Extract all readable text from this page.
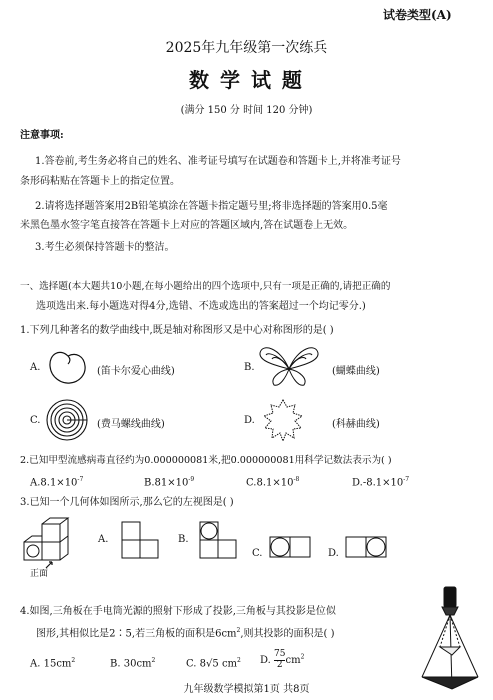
试卷类型(A)
2025年九年级第一次练兵
数 学 试 题
(满分 150 分 时间 120 分钟)
注意事项:
1.答卷前,考生务必将自己的姓名、准考证号填写在试题卷和答题卡上,并将准考证号
条形码粘贴在答题卡上的指定位置。
2.请将选择题答案用2B铅笔填涂在答题卡指定题号里;将非选择题的答案用0.5毫
米黑色墨水签字笔直接答在答题卡上对应的答题区域内,答在试题卷上无效。
3.考生必须保持答题卡的整洁。
一、选择题(本大题共10小题,在每小题给出的四个选项中,只有一项是正确的,请把正确的
选项选出来.每小题选对得4分,选错、不选或选出的答案超过一个均记零分.)
1.下列几种著名的数学曲线中,既是轴对称图形又是中心对称图形的是( )
A.	(笛卡尔爱心曲线)	B.	(蝴蝶曲线)
C.	(费马螺线曲线)	D.	(科赫曲线)
2.已知甲型流感病毒直径约为0.000000081米,把0.000000081用科学记数法表示为( )
$A.8.1\times 10^{-7}$	$B.81\times 10^{-9}$	$C.8.1\times 10^{-8}$	$D.-8.1\times 10^{-7}$
3.已知一个几何体如图所示,那么它的左视图是( )
正面
A.	B.
C.	D.
4.如图,三角板在手电筒光源的照射下形成了投影,三角板与其投影是位似
图形,其相似比是2∶5,若三角板的面积是$6cm^2$,则其投影的面积是( )
A. $15cm^2$	B. $30cm^2$	C. 8√5 $cm^2$ D. $\frac{75}{2} cm^2$
九年级数学模拟第1页 共8页
